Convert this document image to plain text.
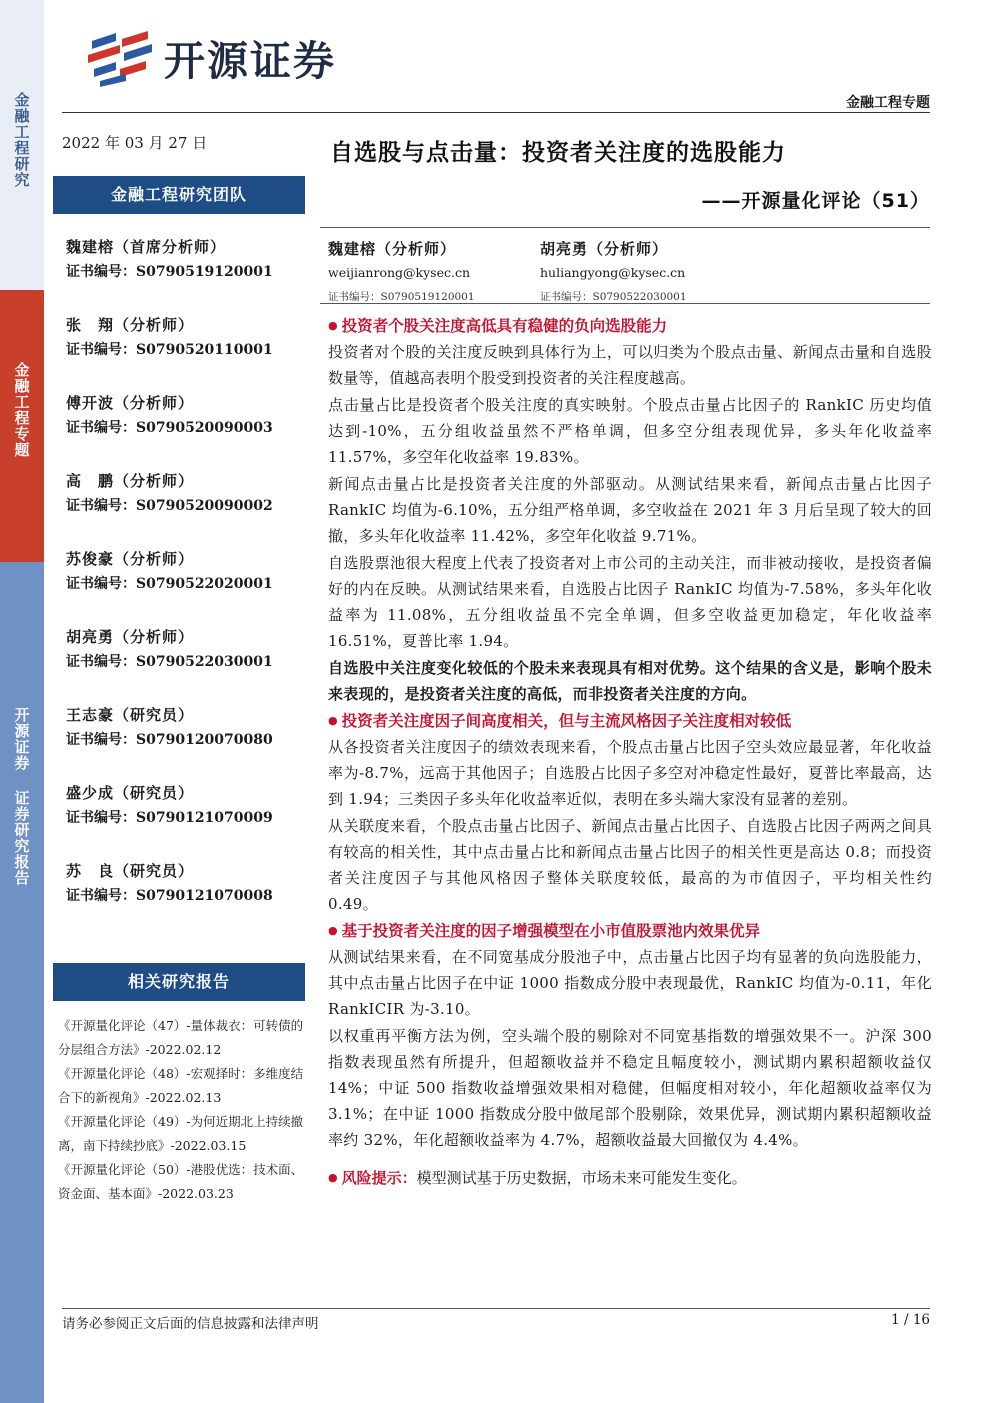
金融工程研究
金融工程专题
开源证券 证券研究报告
开源证券
金融工程专题
2022 年 03 月 27 日
金融工程研究团队
魏建榕（首席分析师）
证书编号：S0790519120001
张　翔（分析师）
证书编号：S0790520110001
傅开波（分析师）
证书编号：S0790520090003
高　鹏（分析师）
证书编号：S0790520090002
苏俊豪（分析师）
证书编号：S0790522020001
胡亮勇（分析师）
证书编号：S0790522030001
王志豪（研究员）
证书编号：S0790120070080
盛少成（研究员）
证书编号：S0790121070009
苏　良（研究员）
证书编号：S0790121070008
相关研究报告
《开源量化评论（47）-量体裁衣：可转债的分层组合方法》-2022.02.12
《开源量化评论（48）-宏观择时：多维度结合下的新视角》-2022.02.13
《开源量化评论（49）-为何近期北上持续撤离，南下持续抄底》-2022.03.15
《开源量化评论（50）-港股优选：技术面、资金面、基本面》-2022.03.23
自选股与点击量：投资者关注度的选股能力
——开源量化评论（51）
魏建榕（分析师）
weijianrong@kysec.cn
证书编号：S0790519120001
胡亮勇（分析师）
huliangyong@kysec.cn
证书编号：S0790522030001
● 投资者个股关注度高低具有稳健的负向选股能力

投资者对个股的关注度反映到具体行为上，可以归类为个股点击量、新闻点击量和自选股数量等，值越高表明个股受到投资者的关注程度越高。

点击量占比是投资者个股关注度的真实映射。个股点击量占比因子的 RankIC 历史均值达到-10%，五分组收益虽然不严格单调，但多空分组表现优异，多头年化收益率 11.57%，多空年化收益率 19.83%。

新闻点击量占比是投资者关注度的外部驱动。从测试结果来看，新闻点击量占比因子 RankIC 均值为-6.10%，五分组严格单调，多空收益在 2021 年 3 月后呈现了较大的回撤，多头年化收益率 11.42%，多空年化收益 9.71%。

自选股票池很大程度上代表了投资者对上市公司的主动关注，而非被动接收，是投资者偏好的内在反映。从测试结果来看，自选股占比因子 RankIC 均值为-7.58%，多头年化收益率为 11.08%，五分组收益虽不完全单调，但多空收益更加稳定，年化收益率 16.51%，夏普比率 1.94。

自选股中关注度变化较低的个股未来表现具有相对优势。这个结果的含义是，影响个股未来表现的，是投资者关注度的高低，而非投资者关注度的方向。

● 投资者关注度因子间高度相关，但与主流风格因子关注度相对较低

从各投资者关注度因子的绩效表现来看，个股点击量占比因子空头效应最显著，年化收益率为-8.7%，远高于其他因子；自选股占比因子多空对冲稳定性最好，夏普比率最高，达到 1.94；三类因子多头年化收益率近似，表明在多头端大家没有显著的差别。

从关联度来看，个股点击量占比因子、新闻点击量占比因子、自选股占比因子两两之间具有较高的相关性，其中点击量占比和新闻点击量占比因子的相关性更是高达 0.8；而投资者关注度因子与其他风格因子整体关联度较低，最高的为市值因子，平均相关性约 0.49。

● 基于投资者关注度的因子增强模型在小市值股票池内效果优异

从测试结果来看，在不同宽基成分股池子中，点击量占比因子均有显著的负向选股能力，其中点击量占比因子在中证 1000 指数成分股中表现最优，RankIC 均值为-0.11，年化 RankICIR 为-3.10。

以权重再平衡方法为例，空头端个股的剔除对不同宽基指数的增强效果不一。沪深 300 指数表现虽然有所提升，但超额收益并不稳定且幅度较小，测试期内累积超额收益仅 14%；中证 500 指数收益增强效果相对稳健，但幅度相对较小，年化超额收益率仅为 3.1%；在中证 1000 指数成分股中做尾部个股剔除，效果优异，测试期内累积超额收益率约 32%，年化超额收益率为 4.7%，超额收益最大回撤仅为 4.4%。

● 风险提示：模型测试基于历史数据，市场未来可能发生变化。
请务必参阅正文后面的信息披露和法律声明	1 / 16
